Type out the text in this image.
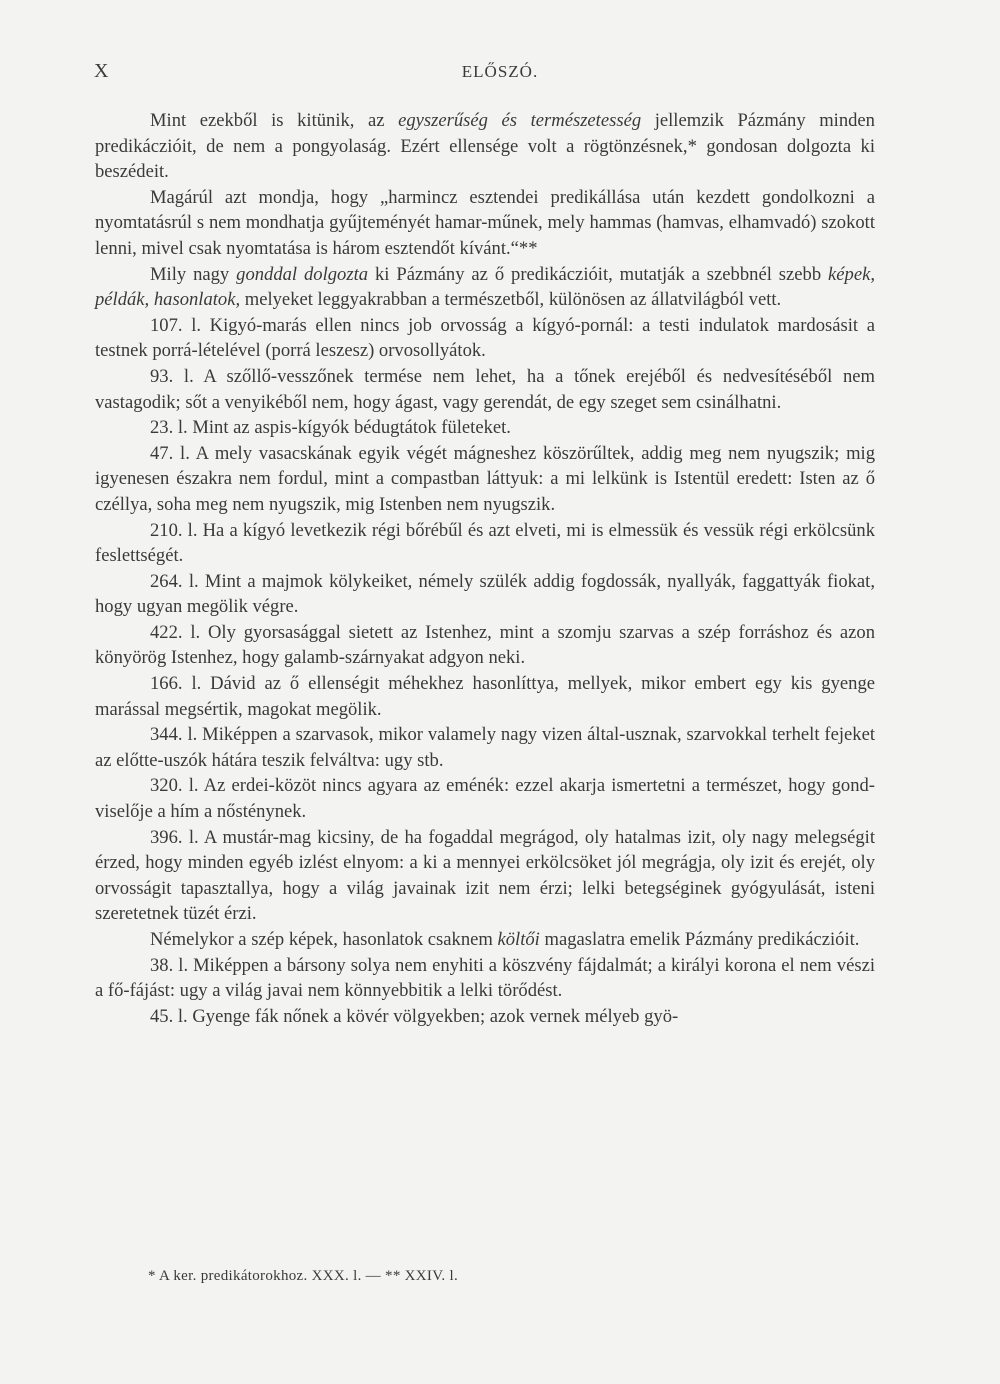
X	ELŐSZÓ.

Mint ezekből is kitünik, az egyszerűség és természetesség jellemzik Pázmány minden predikáczióit, de nem a pongyolaság. Ezért ellensége volt a rögtönzésnek,* gondosan dolgozta ki beszédeit.

Magárúl azt mondja, hogy „harmincz esztendei predikállása után kezdett gondolkozni a nyomtatásrúl s nem mondhatja gyűjteményét hamar-műnek, mely hammas (hamvas, elhamvadó) szokott lenni, mivel csak nyomtatása is három esztendőt kívánt.“**

Mily nagy gonddal dolgozta ki Pázmány az ő predikáczióit, mutatják a szebbnél szebb képek, példák, hasonlatok, melyeket leggyakrabban a természetből, különösen az állatvilágból vett.

107. l. Kigyó-marás ellen nincs job orvosság a kígyó-pornál: a testi indulatok mardosásit a testnek porrá-lételével (porrá leszesz) orvosollyátok.

93. l. A szőllő-vesszőnek termése nem lehet, ha a tőnek erejéből és nedvesítéséből nem vastagodik; sőt a venyikéből nem, hogy ágast, vagy gerendát, de egy szeget sem csinálhatni.

23. l. Mint az aspis-kígyók bédugtátok fületeket.

47. l. A mely vasacskának egyik végét mágneshez köszörűltek, addig meg nem nyugszik; mig igyenesen északra nem fordul, mint a compastban láttyuk: a mi lelkünk is Istentül eredett: Isten az ő czéllya, soha meg nem nyugszik, mig Istenben nem nyugszik.

210. l. Ha a kígyó levetkezik régi bőrébűl és azt elveti, mi is elmessük és vessük régi erkölcsünk feslettségét.

264. l. Mint a majmok kölykeiket, némely szülék addig fogdossák, nyallyák, faggattyák fiokat, hogy ugyan megölik végre.

422. l. Oly gyorsasággal sietett az Istenhez, mint a szomju szarvas a szép forráshoz és azon könyörög Istenhez, hogy galamb-szárnyakat adgyon neki.

166. l. Dávid az ő ellenségit méhekhez hasonlíttya, mellyek, mikor embert egy kis gyenge marással megsértik, magokat megölik.

344. l. Miképpen a szarvasok, mikor valamely nagy vizen által-usznak, szarvokkal terhelt fejeket az előtte-uszók hátára teszik felváltva: ugy stb.

320. l. Az erdei-közöt nincs agyara az eménék: ezzel akarja ismertetni a természet, hogy gond-viselője a hím a nősténynek.

396. l. A mustár-mag kicsiny, de ha fogaddal megrágod, oly hatalmas izit, oly nagy melegségit érzed, hogy minden egyéb izlést elnyom: a ki a mennyei erkölcsöket jól megrágja, oly izit és erejét, oly orvosságit tapasztallya, hogy a világ javainak izit nem érzi; lelki betegséginek gyógyulását, isteni szeretetnek tüzét érzi.

Némelykor a szép képek, hasonlatok csaknem költői magaslatra emelik Pázmány predikáczióit.

38. l. Miképpen a bársony solya nem enyhiti a köszvény fájdalmát; a királyi korona el nem vészi a fő-fájást: ugy a világ javai nem könnyebbitik a lelki törődést.

45. l. Gyenge fák nőnek a kövér völgyekben; azok vernek mélyeb gyö-

* A ker. predikátorokhoz. XXX. l. — ** XXIV. l.
